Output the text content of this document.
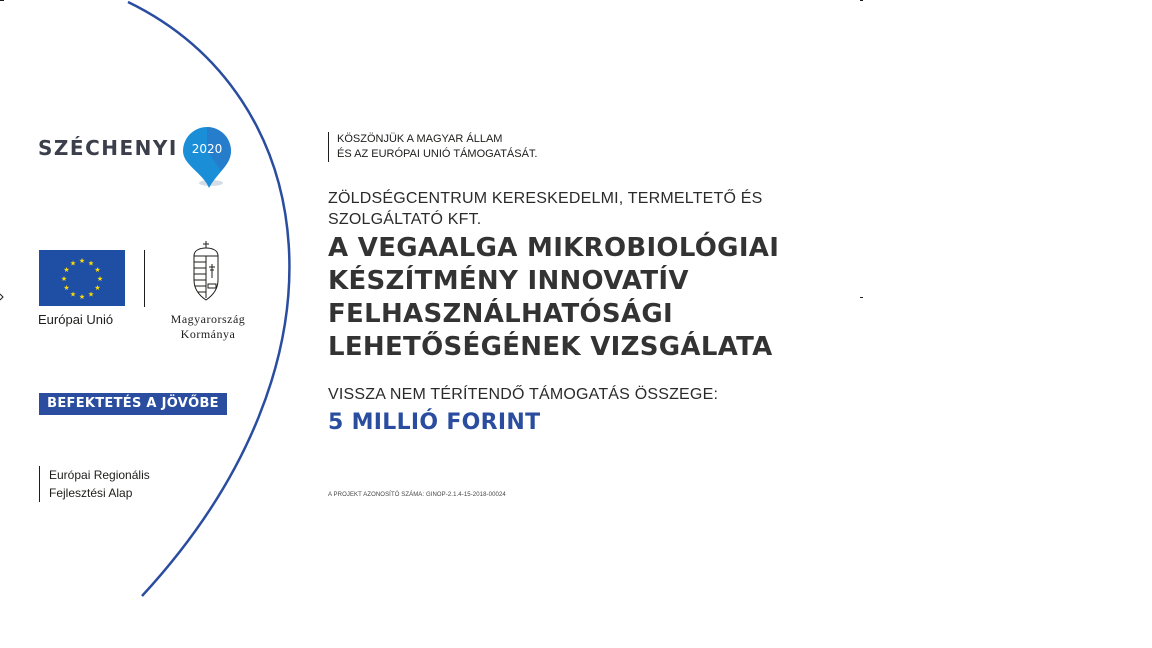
SZÉCHENYI 2020
★ ★
★
★
★
★
★
★
★
★
★
★
Európai Unió	Magyarország
Kormánya
BEFEKTETÉS A JÖVŐBE
Európai Regionális
Fejlesztési Alap
KÖSZÖNJÜK A MAGYAR ÁLLAM
ÉS AZ EURÓPAI UNIÓ TÁMOGATÁSÁT.
ZÖLDSÉGCENTRUM KERESKEDELMI, TERMELTETŐ ÉS
SZOLGÁLTATÓ KFT.
A VEGAALGA MIKROBIOLÓGIAI
KÉSZÍTMÉNY INNOVATÍV
FELHASZNÁLHATÓSÁGI
LEHETŐSÉGÉNEK VIZSGÁLATA
VISSZA NEM TÉRÍTENDŐ TÁMOGATÁS ÖSSZEGE:
5 MILLIÓ FORINT
A PROJEKT AZONOSÍTÓ SZÁMA: GINOP-2.1.4-15-2018-00024
